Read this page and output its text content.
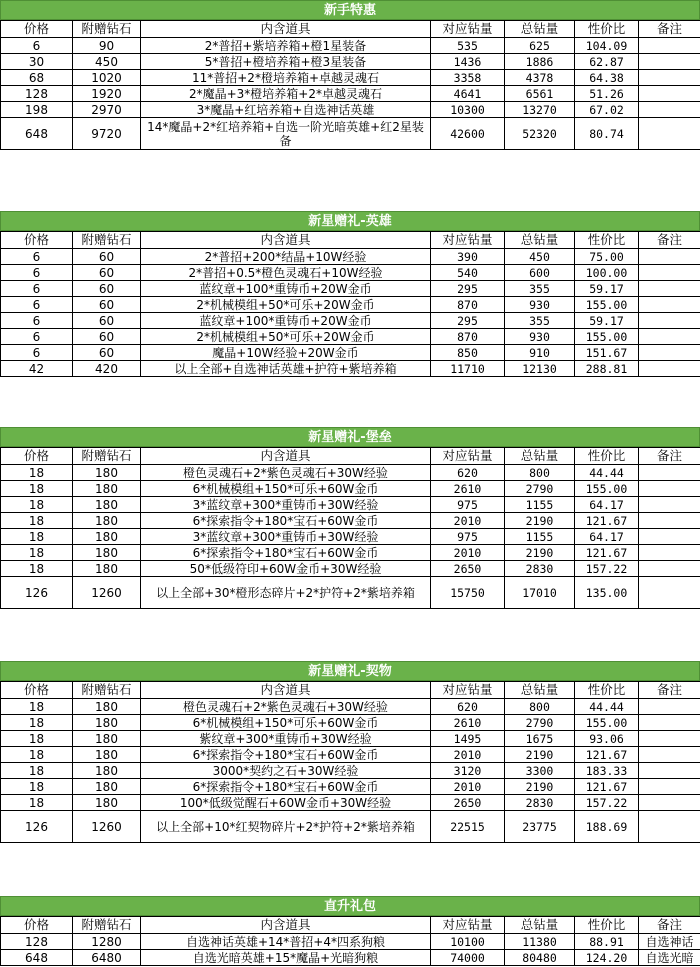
新手特惠
价格	附赠钻石	内含道具	对应钻量	总钻量	性价比	备注
6	90	2*普招+紫培养箱+橙1星装备	535	625	104.09	
30	450	5*普招+橙培养箱+橙3星装备	1436	1886	62.87	
68	1020	11*普招+2*橙培养箱+卓越灵魂石	3358	4378	64.38	
128	1920	2*魔晶+3*橙培养箱+2*卓越灵魂石	4641	6561	51.26	
198	2970	3*魔晶+红培养箱+自选神话英雄	10300	13270	67.02	
648	9720	14*魔晶+2*红培养箱+自选一阶光暗英雄+红2星装备	42600	52320	80.74	
新星赠礼-英雄
价格	附赠钻石	内含道具	对应钻量	总钻量	性价比	备注
6	60	2*普招+200*结晶+10W经验	390	450	75.00	
6	60	2*普招+0.5*橙色灵魂石+10W经验	540	600	100.00	
6	60	蓝纹章+100*重铸币+20W金币	295	355	59.17	
6	60	2*机械模组+50*可乐+20W金币	870	930	155.00	
6	60	蓝纹章+100*重铸币+20W金币	295	355	59.17	
6	60	2*机械模组+50*可乐+20W金币	870	930	155.00	
6	60	魔晶+10W经验+20W金币	850	910	151.67	
42	420	以上全部+自选神话英雄+护符+紫培养箱	11710	12130	288.81	
新星赠礼-堡垒
价格	附赠钻石	内含道具	对应钻量	总钻量	性价比	备注
18	180	橙色灵魂石+2*紫色灵魂石+30W经验	620	800	44.44	
18	180	6*机械模组+150*可乐+60W金币	2610	2790	155.00	
18	180	3*蓝纹章+300*重铸币+30W经验	975	1155	64.17	
18	180	6*探索指令+180*宝石+60W金币	2010	2190	121.67	
18	180	3*蓝纹章+300*重铸币+30W经验	975	1155	64.17	
18	180	6*探索指令+180*宝石+60W金币	2010	2190	121.67	
18	180	50*低级符印+60W金币+30W经验	2650	2830	157.22	
126	1260	以上全部+30*橙形态碎片+2*护符+2*紫培养箱	15750	17010	135.00	
新星赠礼-契物
价格	附赠钻石	内含道具	对应钻量	总钻量	性价比	备注
18	180	橙色灵魂石+2*紫色灵魂石+30W经验	620	800	44.44	
18	180	6*机械模组+150*可乐+60W金币	2610	2790	155.00	
18	180	紫纹章+300*重铸币+30W经验	1495	1675	93.06	
18	180	6*探索指令+180*宝石+60W金币	2010	2190	121.67	
18	180	3000*契约之石+30W经验	3120	3300	183.33	
18	180	6*探索指令+180*宝石+60W金币	2010	2190	121.67	
18	180	100*低级觉醒石+60W金币+30W经验	2650	2830	157.22	
126	1260	以上全部+10*红契物碎片+2*护符+2*紫培养箱	22515	23775	188.69	
直升礼包
价格	附赠钻石	内含道具	对应钻量	总钻量	性价比	备注
128	1280	自选神话英雄+14*普招+4*四系狗粮	10100	11380	88.91	自选神话
648	6480	自选光暗英雄+15*魔晶+光暗狗粮	74000	80480	124.20	自选光暗
